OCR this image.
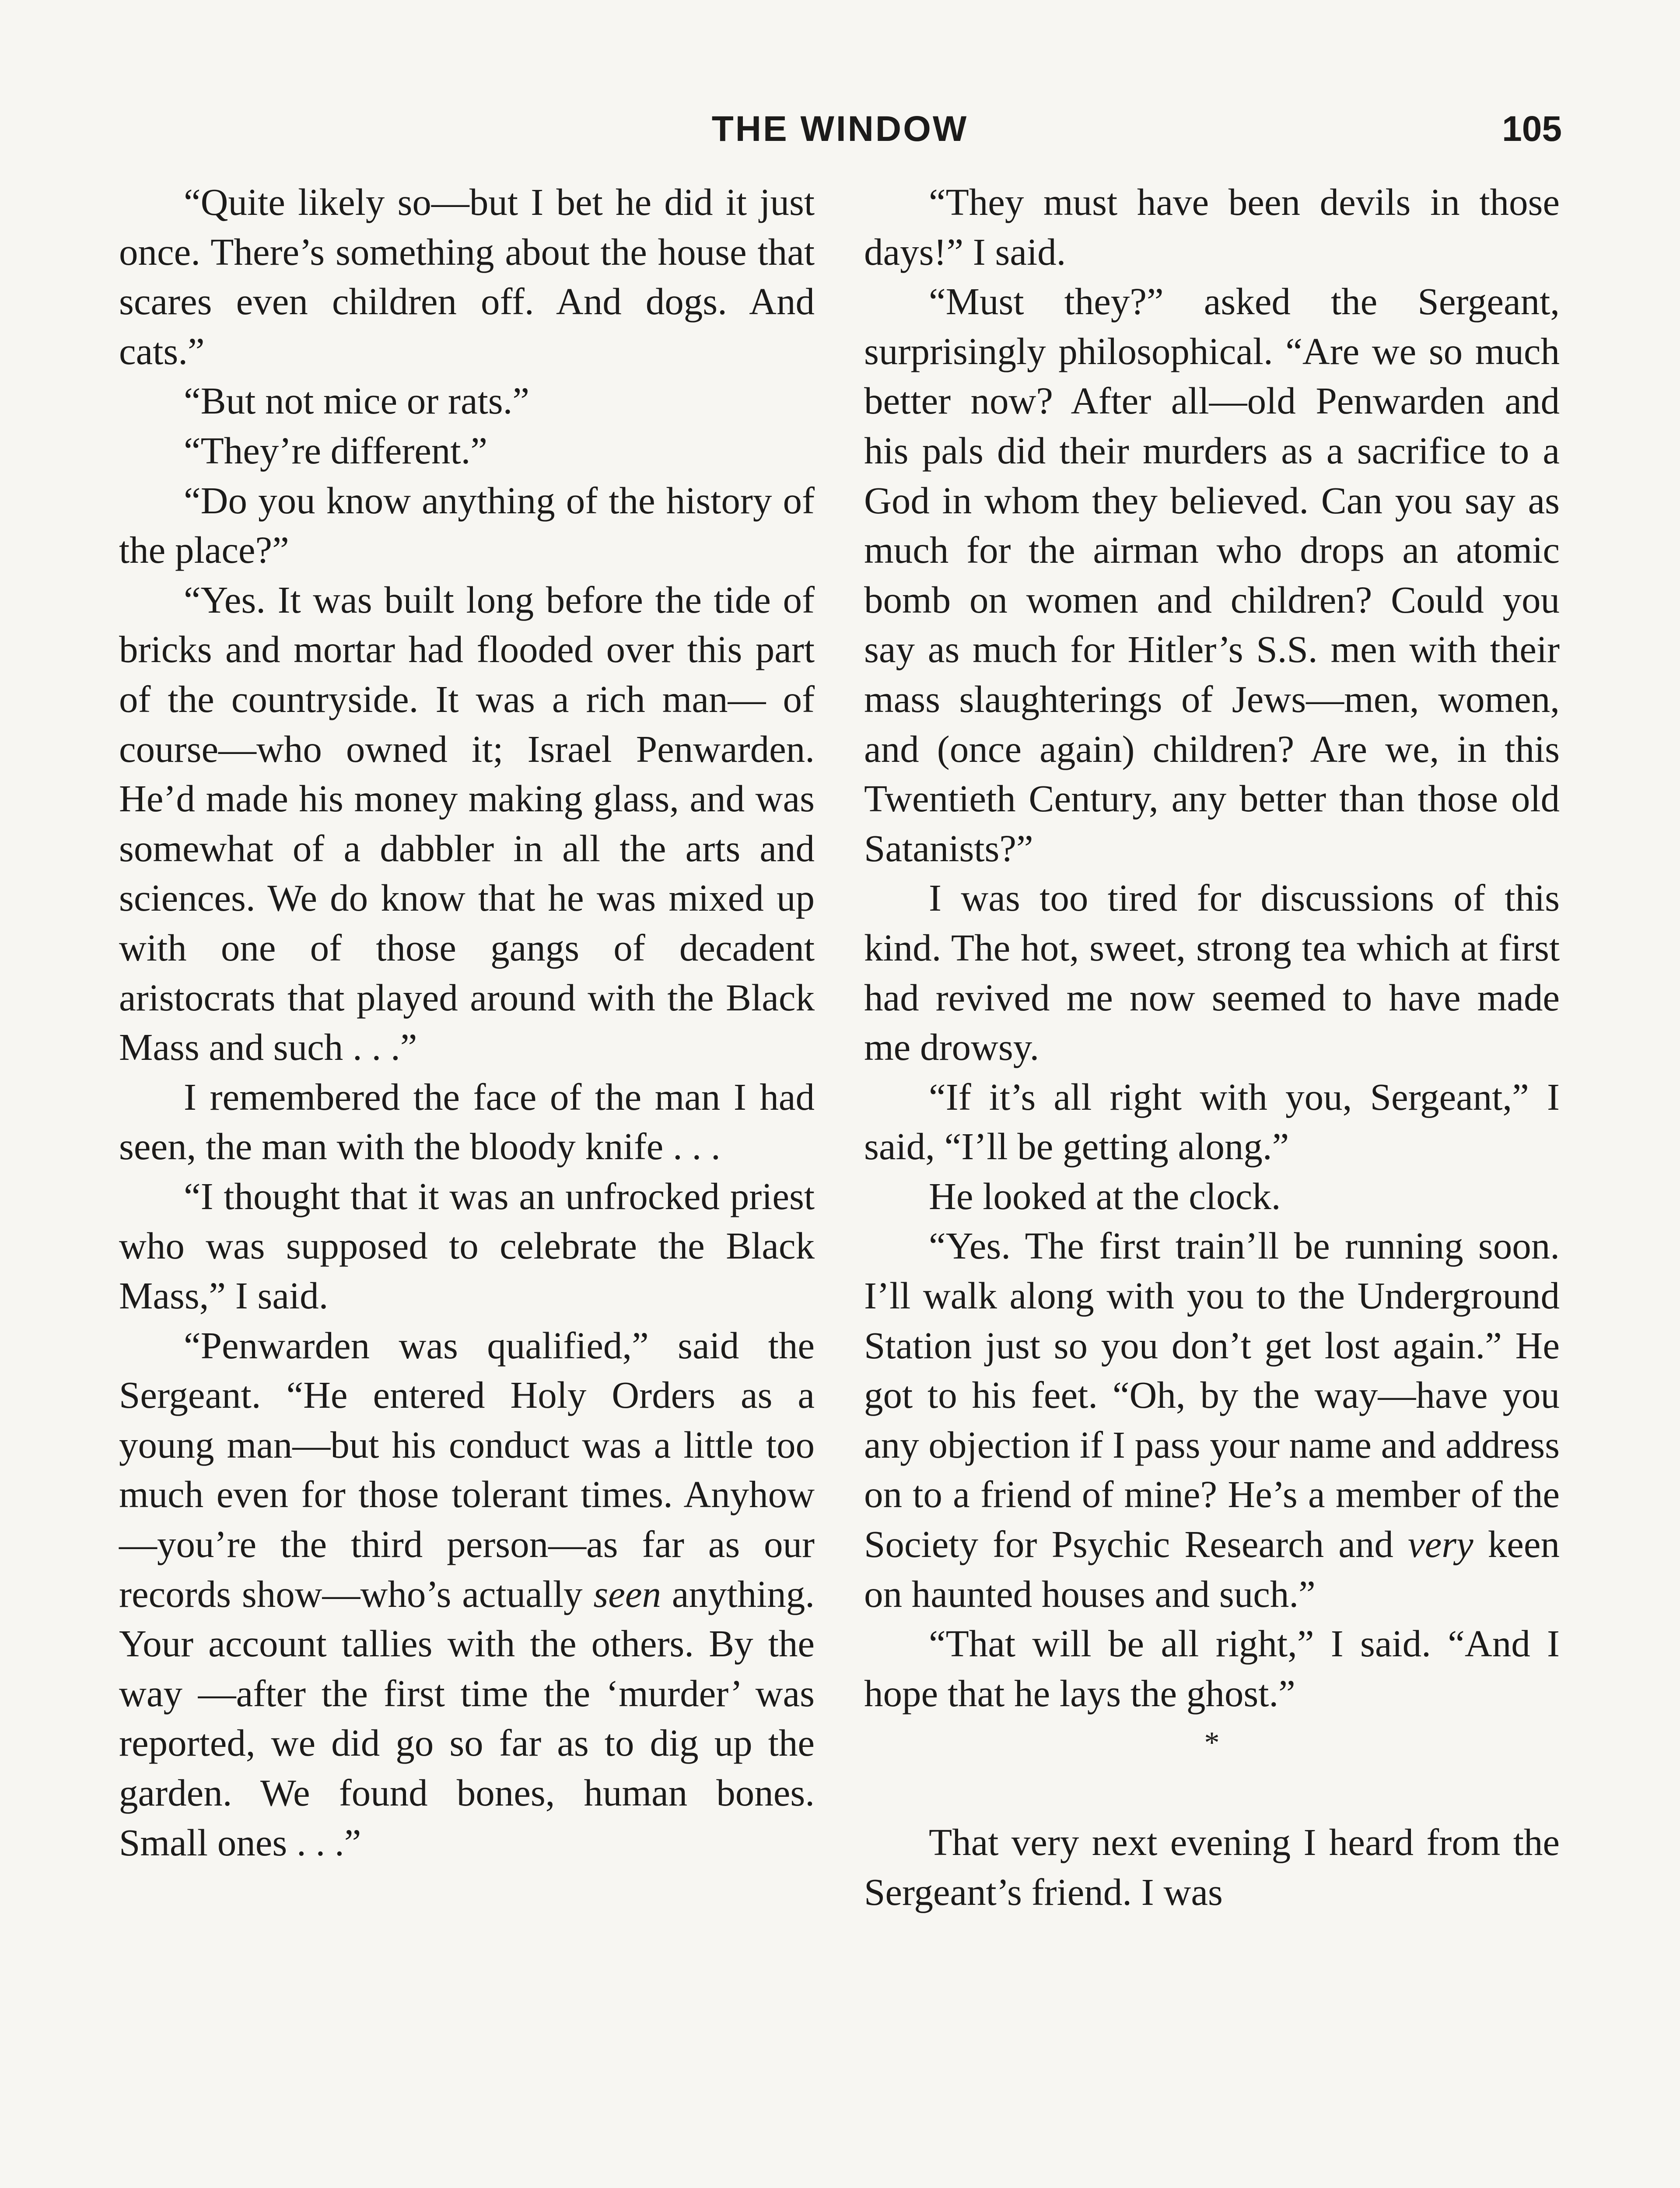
THE WINDOW	105

“Quite likely so—but I bet he did it just once. There’s something about the house that scares even children off. And dogs. And cats.”

“But not mice or rats.”

“They’re different.”

“Do you know anything of the history of the place?”

“Yes. It was built long before the tide of bricks and mortar had flooded over this part of the countryside. It was a rich man— of course—who owned it; Israel Penwarden. He’d made his money making glass, and was somewhat of a dabbler in all the arts and sciences. We do know that he was mixed up with one of those gangs of decadent aristocrats that played around with the Black Mass and such . . .”

I remembered the face of the man I had seen, the man with the bloody knife . . .

“I thought that it was an unfrocked priest who was supposed to celebrate the Black Mass,” I said.

“Penwarden was qualified,” said the Sergeant. “He entered Holy Orders as a young man—but his conduct was a little too much even for those tolerant times. Anyhow—you’re the third person—as far as our records show—who’s actually seen anything. Your account tallies with the others. By the way —after the first time the ‘murder’ was reported, we did go so far as to dig up the garden. We found bones, human bones. Small ones . . .”

“They must have been devils in those days!” I said.

“Must they?” asked the Sergeant, surprisingly philosophical. “Are we so much better now? After all—old Penwarden and his pals did their murders as a sacrifice to a God in whom they believed. Can you say as much for the airman who drops an atomic bomb on women and children? Could you say as much for Hitler’s S.S. men with their mass slaughterings of Jews—men, women, and (once again) children? Are we, in this Twentieth Century, any better than those old Satanists?”

I was too tired for discussions of this kind. The hot, sweet, strong tea which at first had revived me now seemed to have made me drowsy.

“If it’s all right with you, Sergeant,” I said, “I’ll be getting along.”

He looked at the clock.

“Yes. The first train’ll be running soon. I’ll walk along with you to the Underground Station just so you don’t get lost again.” He got to his feet. “Oh, by the way—have you any objection if I pass your name and address on to a friend of mine? He’s a member of the Society for Psychic Research and very keen on haunted houses and such.”

“That will be all right,” I said. “And I hope that he lays the ghost.”

*

That very next evening I heard from the Sergeant’s friend. I was
